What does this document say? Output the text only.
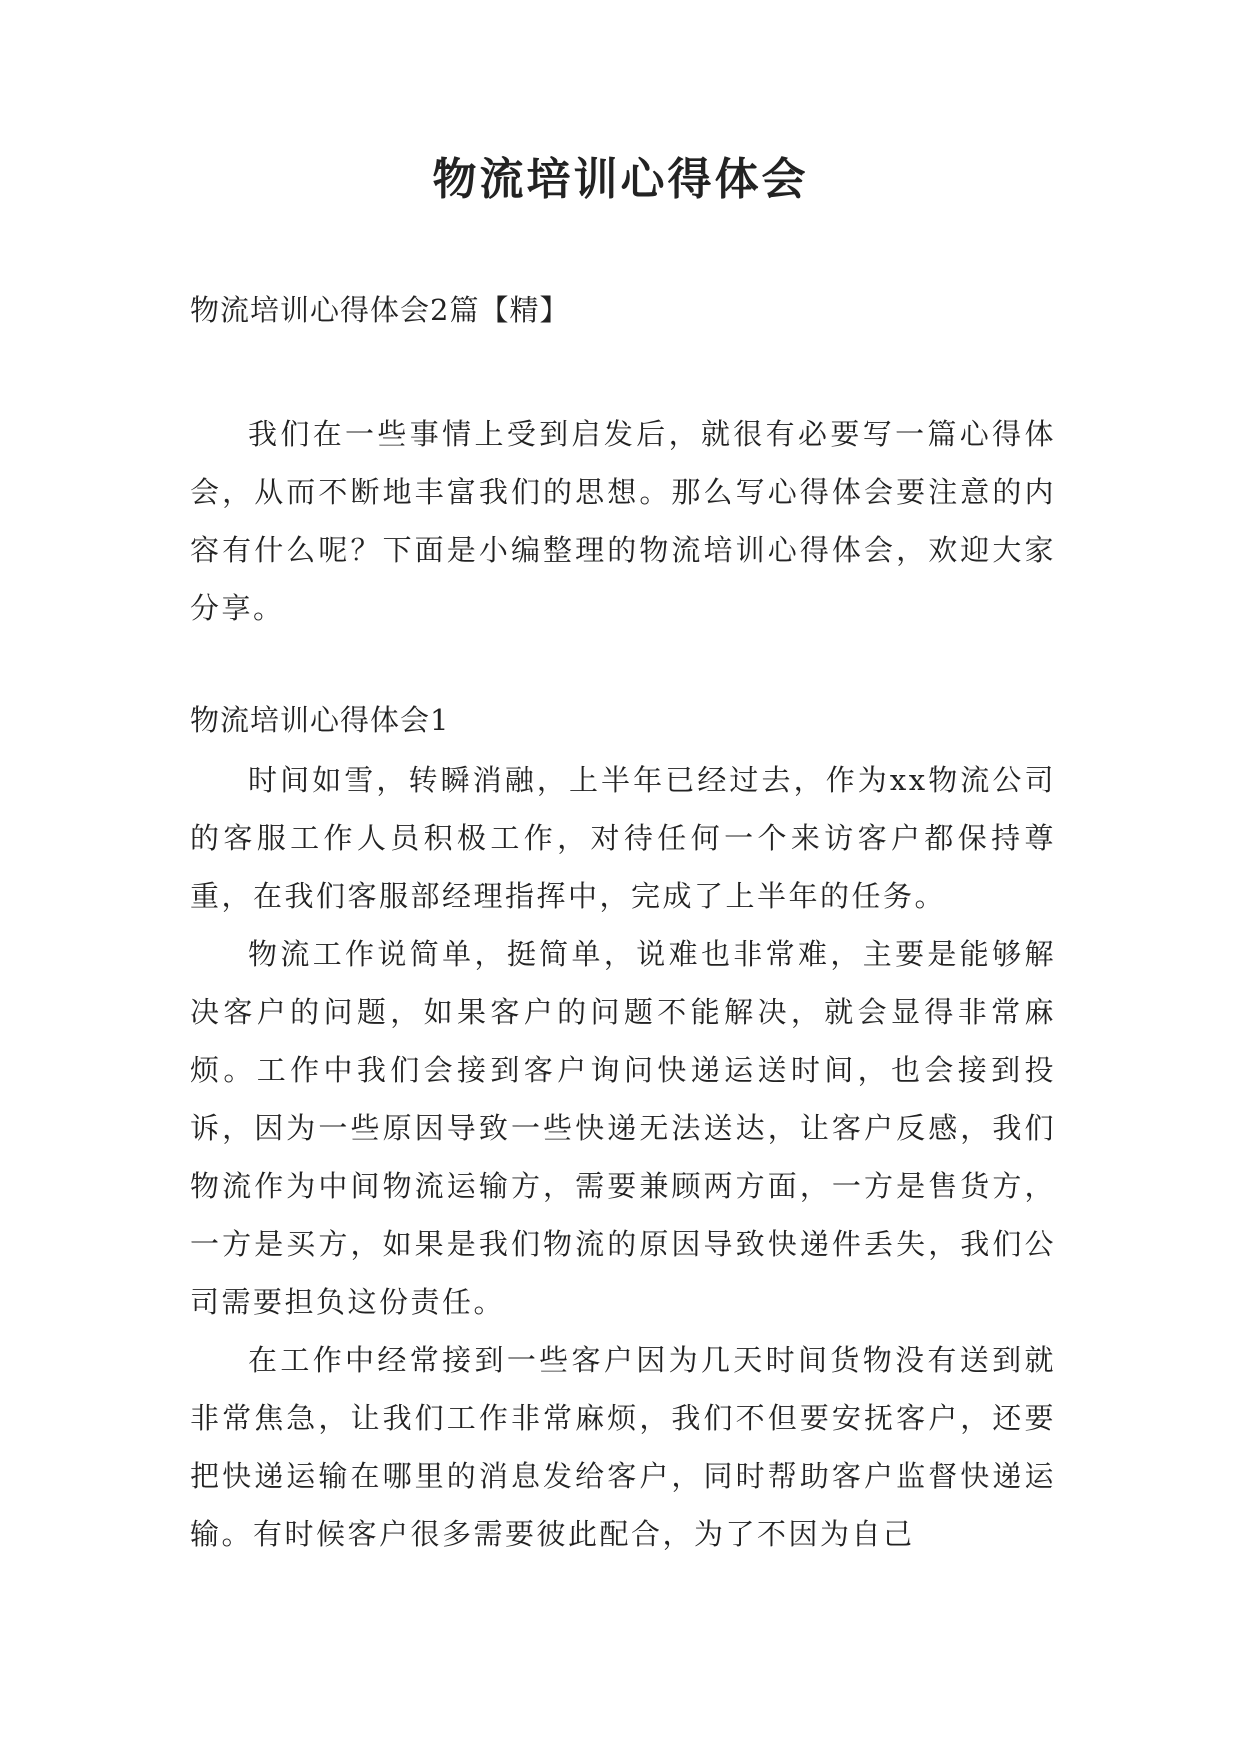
物流培训心得体会
物流培训心得体会2篇【精】

我们在一些事情上受到启发后，就很有必要写一篇心得体会，从而不断地丰富我们的思想。那么写心得体会要注意的内容有什么呢？下面是小编整理的物流培训心得体会，欢迎大家分享。

物流培训心得体会1

时间如雪，转瞬消融，上半年已经过去，作为xx物流公司的客服工作人员积极工作，对待任何一个来访客户都保持尊重，在我们客服部经理指挥中，完成了上半年的任务。

物流工作说简单，挺简单，说难也非常难，主要是能够解决客户的问题，如果客户的问题不能解决，就会显得非常麻烦。工作中我们会接到客户询问快递运送时间，也会接到投诉，因为一些原因导致一些快递无法送达，让客户反感，我们物流作为中间物流运输方，需要兼顾两方面，一方是售货方，一方是买方，如果是我们物流的原因导致快递件丢失，我们公司需要担负这份责任。

在工作中经常接到一些客户因为几天时间货物没有送到就非常焦急，让我们工作非常麻烦，我们不但要安抚客户，还要把快递运输在哪里的消息发给客户，同时帮助客户监督快递运输。有时候客户很多需要彼此配合，为了不因为自己
